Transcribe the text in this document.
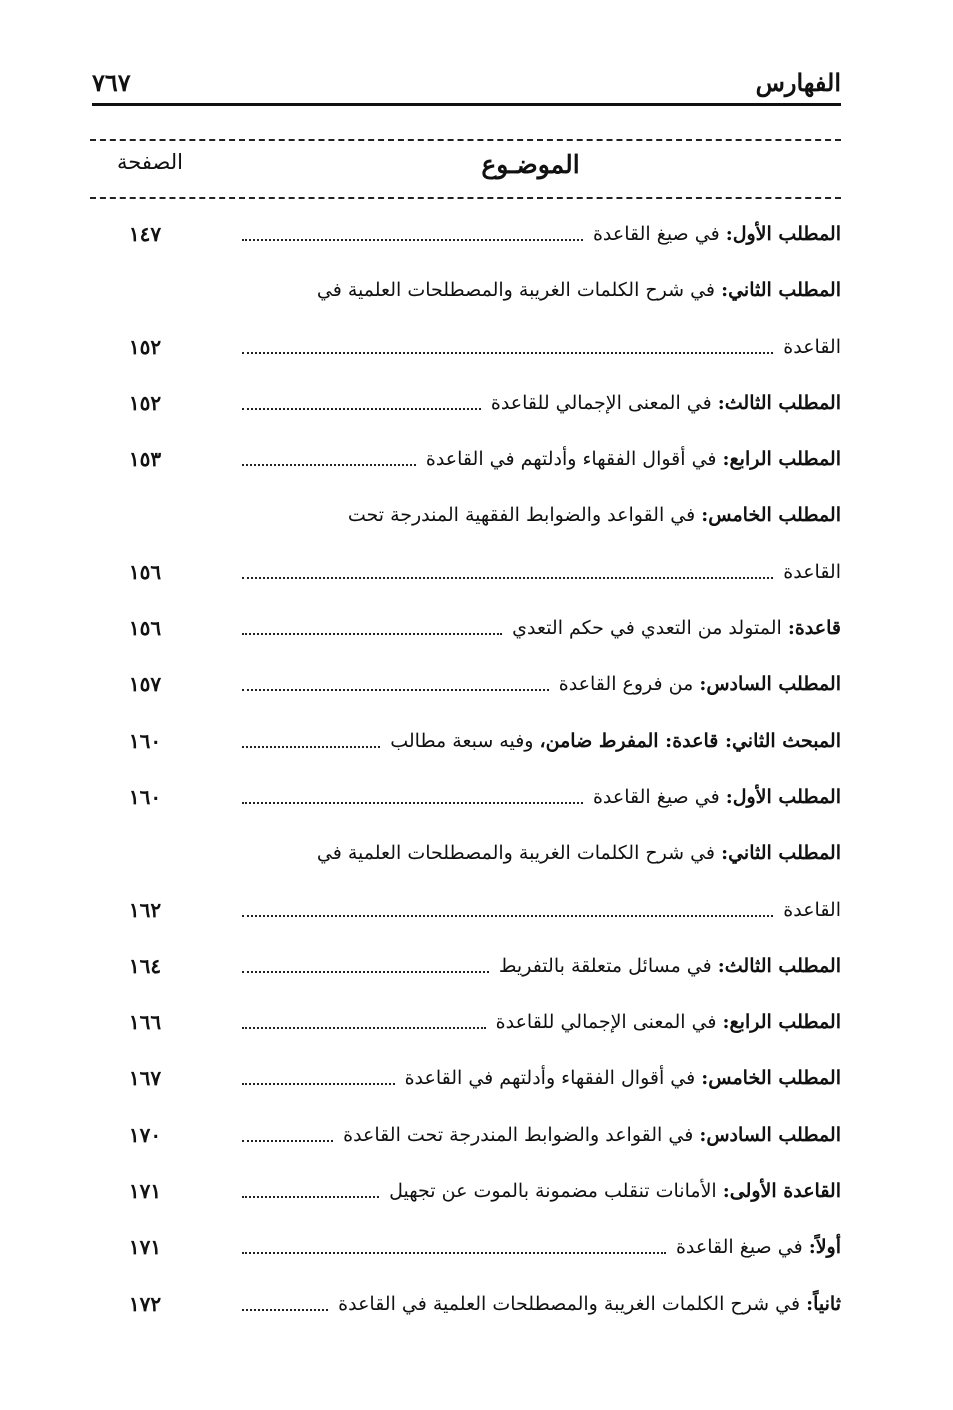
الفهارس
٧٦٧
الموضـوع
الصفحة
المطلب الأول: في صيغ القاعدة
١٤٧
المطلب الثاني: في شرح الكلمات الغريبة والمصطلحات العلمية في
القاعدة
١٥٢
المطلب الثالث: في المعنى الإجمالي للقاعدة
١٥٢
المطلب الرابع: في أقوال الفقهاء وأدلتهم في القاعدة
١٥٣
المطلب الخامس: في القواعد والضوابط الفقهية المندرجة تحت
القاعدة
١٥٦
قاعدة: المتولد من التعدي في حكم التعدي
١٥٦
المطلب السادس: من فروع القاعدة
١٥٧
المبحث الثاني: قاعدة: المفرط ضامن، وفيه سبعة مطالب
١٦٠
المطلب الأول: في صيغ القاعدة
١٦٠
المطلب الثاني: في شرح الكلمات الغريبة والمصطلحات العلمية في
القاعدة
١٦٢
المطلب الثالث: في مسائل متعلقة بالتفريط
١٦٤
المطلب الرابع: في المعنى الإجمالي للقاعدة
١٦٦
المطلب الخامس: في أقوال الفقهاء وأدلتهم في القاعدة
١٦٧
المطلب السادس: في القواعد والضوابط المندرجة تحت القاعدة
١٧٠
القاعدة الأولى: الأمانات تنقلب مضمونة بالموت عن تجهيل
١٧١
أولاً: في صيغ القاعدة
١٧١
ثانياً: في شرح الكلمات الغريبة والمصطلحات العلمية في القاعدة
١٧٢
